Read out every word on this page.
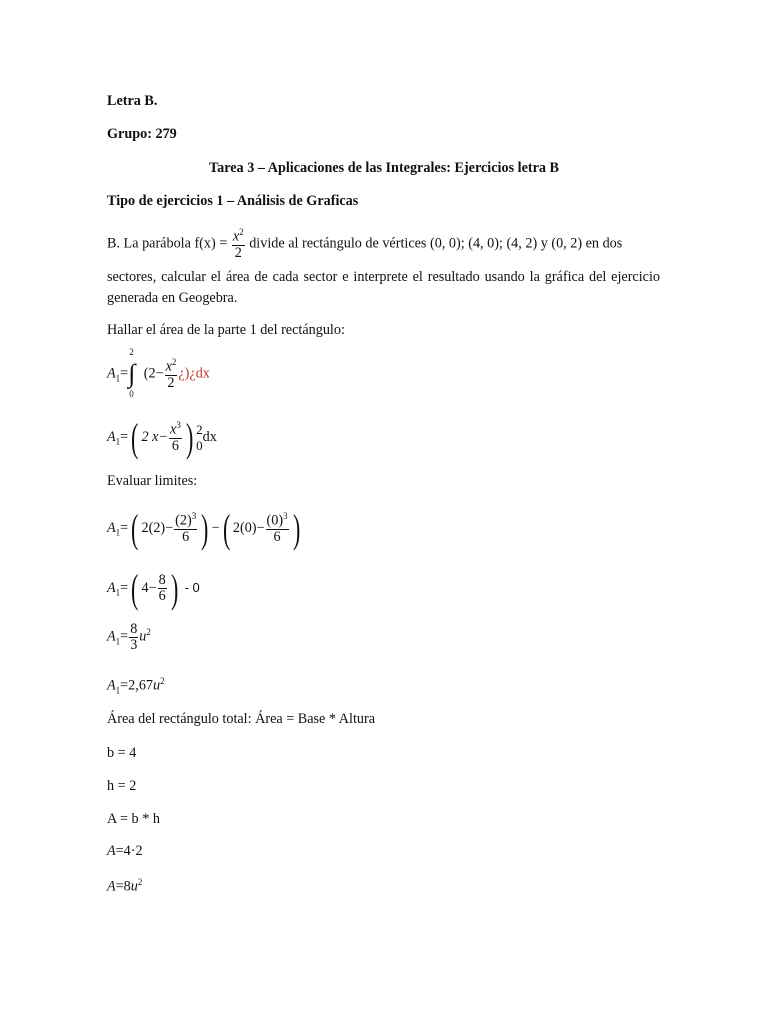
Letra B.
Grupo: 279
Tarea 3 – Aplicaciones de las Integrales: Ejercicios letra B
Tipo de ejercicios 1 – Análisis de Graficas
B. La parábola $f(x) = \frac{x^2}{2}$ divide al rectángulo de vértices (0, 0); (4, 0); (4, 2) y (0, 2) en dos
sectores, calcular el área de cada sector e interprete el resultado usando la gráfica del ejercicio generada en Geogebra.
Hallar el área de la parte 1 del rectángulo:
$A_1=\int$
2
0
($2- \frac{x^2}{2}$ ¿)¿dx
$A_1=$( 2 $x- \frac{x^3}{6}$ ) 2
0dx
Evaluar limites:
$A_1=$( $2(2)- \frac{(2)^3}{6}$ ) −( $2(0)- \frac{(0)^3}{6}$ )
$A_1=$( $4- \frac{8}{6}$ ) - 0
$A_1= \frac{8}{3} u^2$
$A_1=2,67u^2$
Área del rectángulo total: Área = Base * Altura
b = 4
h = 2
A = b * h
A=4·2
$A=8u^2$
